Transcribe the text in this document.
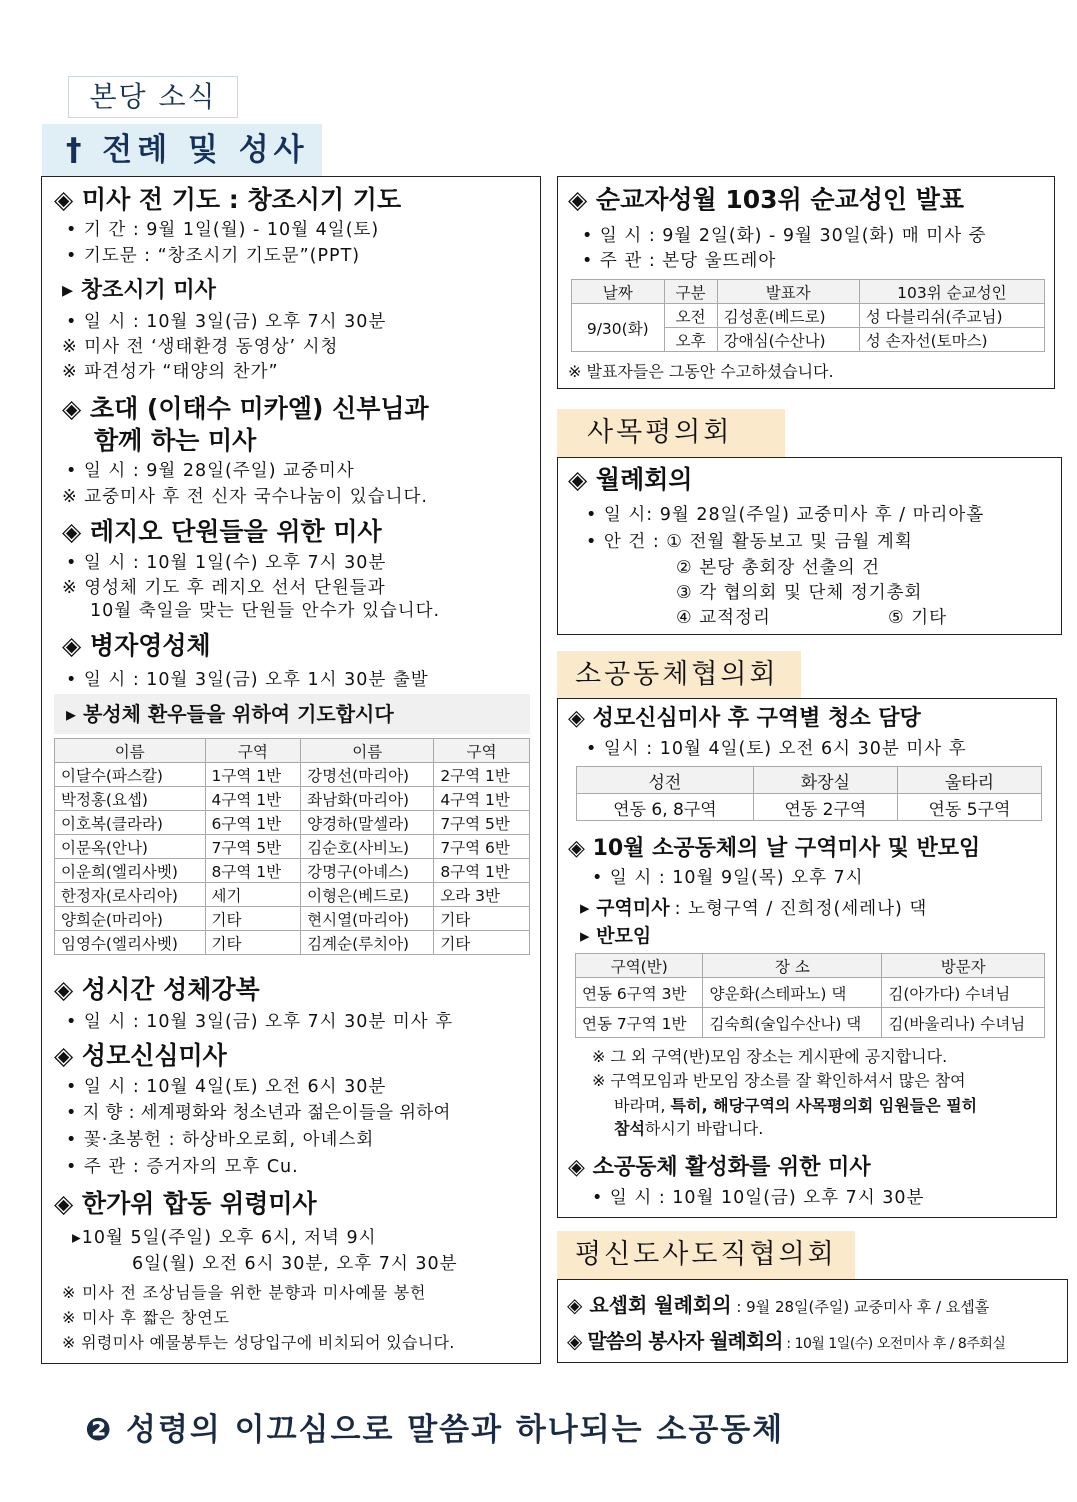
본당 소식
† 전례 및 성사
◈ 미사 전 기도 : 창조시기 기도
• 기 간 : 9월 1일(월) - 10월 4일(토)
• 기도문 : “창조시기 기도문”(PPT)
▸ 창조시기 미사
• 일 시 : 10월 3일(금) 오후 7시 30분
※ 미사 전 ‘생태환경 동영상’ 시청
※ 파견성가 “태양의 찬가”
◈ 초대 (이태수 미카엘) 신부님과
함께 하는 미사
• 일 시 : 9월 28일(주일) 교중미사
※ 교중미사 후 전 신자 국수나눔이 있습니다.
◈ 레지오 단원들을 위한 미사
• 일 시 : 10월 1일(수) 오후 7시 30분
※ 영성체 기도 후 레지오 선서 단원들과
10월 축일을 맞는 단원들 안수가 있습니다.
◈ 병자영성체
• 일 시 : 10월 3일(금) 오후 1시 30분 출발
▸ 봉성체 환우들을 위하여 기도합시다
이름	구역	이름	구역
이달수(파스칼)	1구역 1반	강명선(마리아)	2구역 1반
박정홍(요셉)	4구역 1반	좌남화(마리아)	4구역 1반
이호복(클라라)	6구역 1반	양경하(말셀라)	7구역 5반
이문옥(안나)	7구역 5반	김순호(사비노)	7구역 6반
이운희(엘리사벳)	8구역 1반	강명구(아녜스)	8구역 1반
한정자(로사리아)	세기	이형은(베드로)	오라 3반
양희순(마리아)	기타	현시열(마리아)	기타
임영수(엘리사벳)	기타	김계순(루치아)	기타
◈ 성시간 성체강복
• 일 시 : 10월 3일(금) 오후 7시 30분 미사 후
◈ 성모신심미사
• 일 시 : 10월 4일(토) 오전 6시 30분
• 지 향 : 세계평화와 청소년과 젊은이들을 위하여
• 꽃·초봉헌 : 하상바오로회, 아녜스회
• 주 관 : 증거자의 모후 Cu.
◈ 한가위 합동 위령미사
▸10월 5일(주일) 오후 6시, 저녁 9시
6일(월) 오전 6시 30분, 오후 7시 30분
※ 미사 전 조상님들을 위한 분향과 미사예물 봉헌
※ 미사 후 짧은 창연도
※ 위령미사 예물봉투는 성당입구에 비치되어 있습니다.
◈ 순교자성월 103위 순교성인 발표
• 일 시 : 9월 2일(화) - 9월 30일(화) 매 미사 중
• 주 관 : 본당 울뜨레아
날짜	구분	발표자	103위 순교성인
9/30(화)	오전	김성훈(베드로)	성 다블리쉬(주교님)
	오후	강애심(수산나)	성 손자선(토마스)
※ 발표자들은 그동안 수고하셨습니다.
사목평의회
◈ 월례회의
• 일 시: 9월 28일(주일) 교중미사 후 / 마리아홀
• 안 건 : ① 전월 활동보고 및 금월 계획
② 본당 총회장 선출의 건
③ 각 협의회 및 단체 정기총회
④ 교적정리	⑤ 기타
소공동체협의회
◈ 성모신심미사 후 구역별 청소 담당
• 일시 : 10월 4일(토) 오전 6시 30분 미사 후
성전	화장실	울타리
연동 6, 8구역	연동 2구역	연동 5구역
◈ 10월 소공동체의 날 구역미사 및 반모임
• 일 시 : 10월 9일(목) 오후 7시
▸ 구역미사 : 노형구역 / 진희정(세레나) 댁
▸ 반모임
구역(반)	장 소	방문자
연동 6구역 3반	양운화(스테파노) 댁	김(아가다) 수녀님
연동 7구역 1반	김숙희(술입수산나) 댁	김(바울리나) 수녀님
※ 그 외 구역(반)모임 장소는 게시판에 공지합니다.
※ 구역모임과 반모임 장소를 잘 확인하셔서 많은 참여
바라며, 특히, 해당구역의 사목평의회 임원들은 필히
참석하시기 바랍니다.
◈ 소공동체 활성화를 위한 미사
• 일 시 : 10월 10일(금) 오후 7시 30분
평신도사도직협의회
◈ 요셉회 월례회의 : 9월 28일(주일) 교중미사 후 / 요셉홀
◈ 말씀의 봉사자 월례회의 : 10월 1일(수) 오전미사 후 / 8주회실
❷ 성령의 이끄심으로 말씀과 하나되는 소공동체
